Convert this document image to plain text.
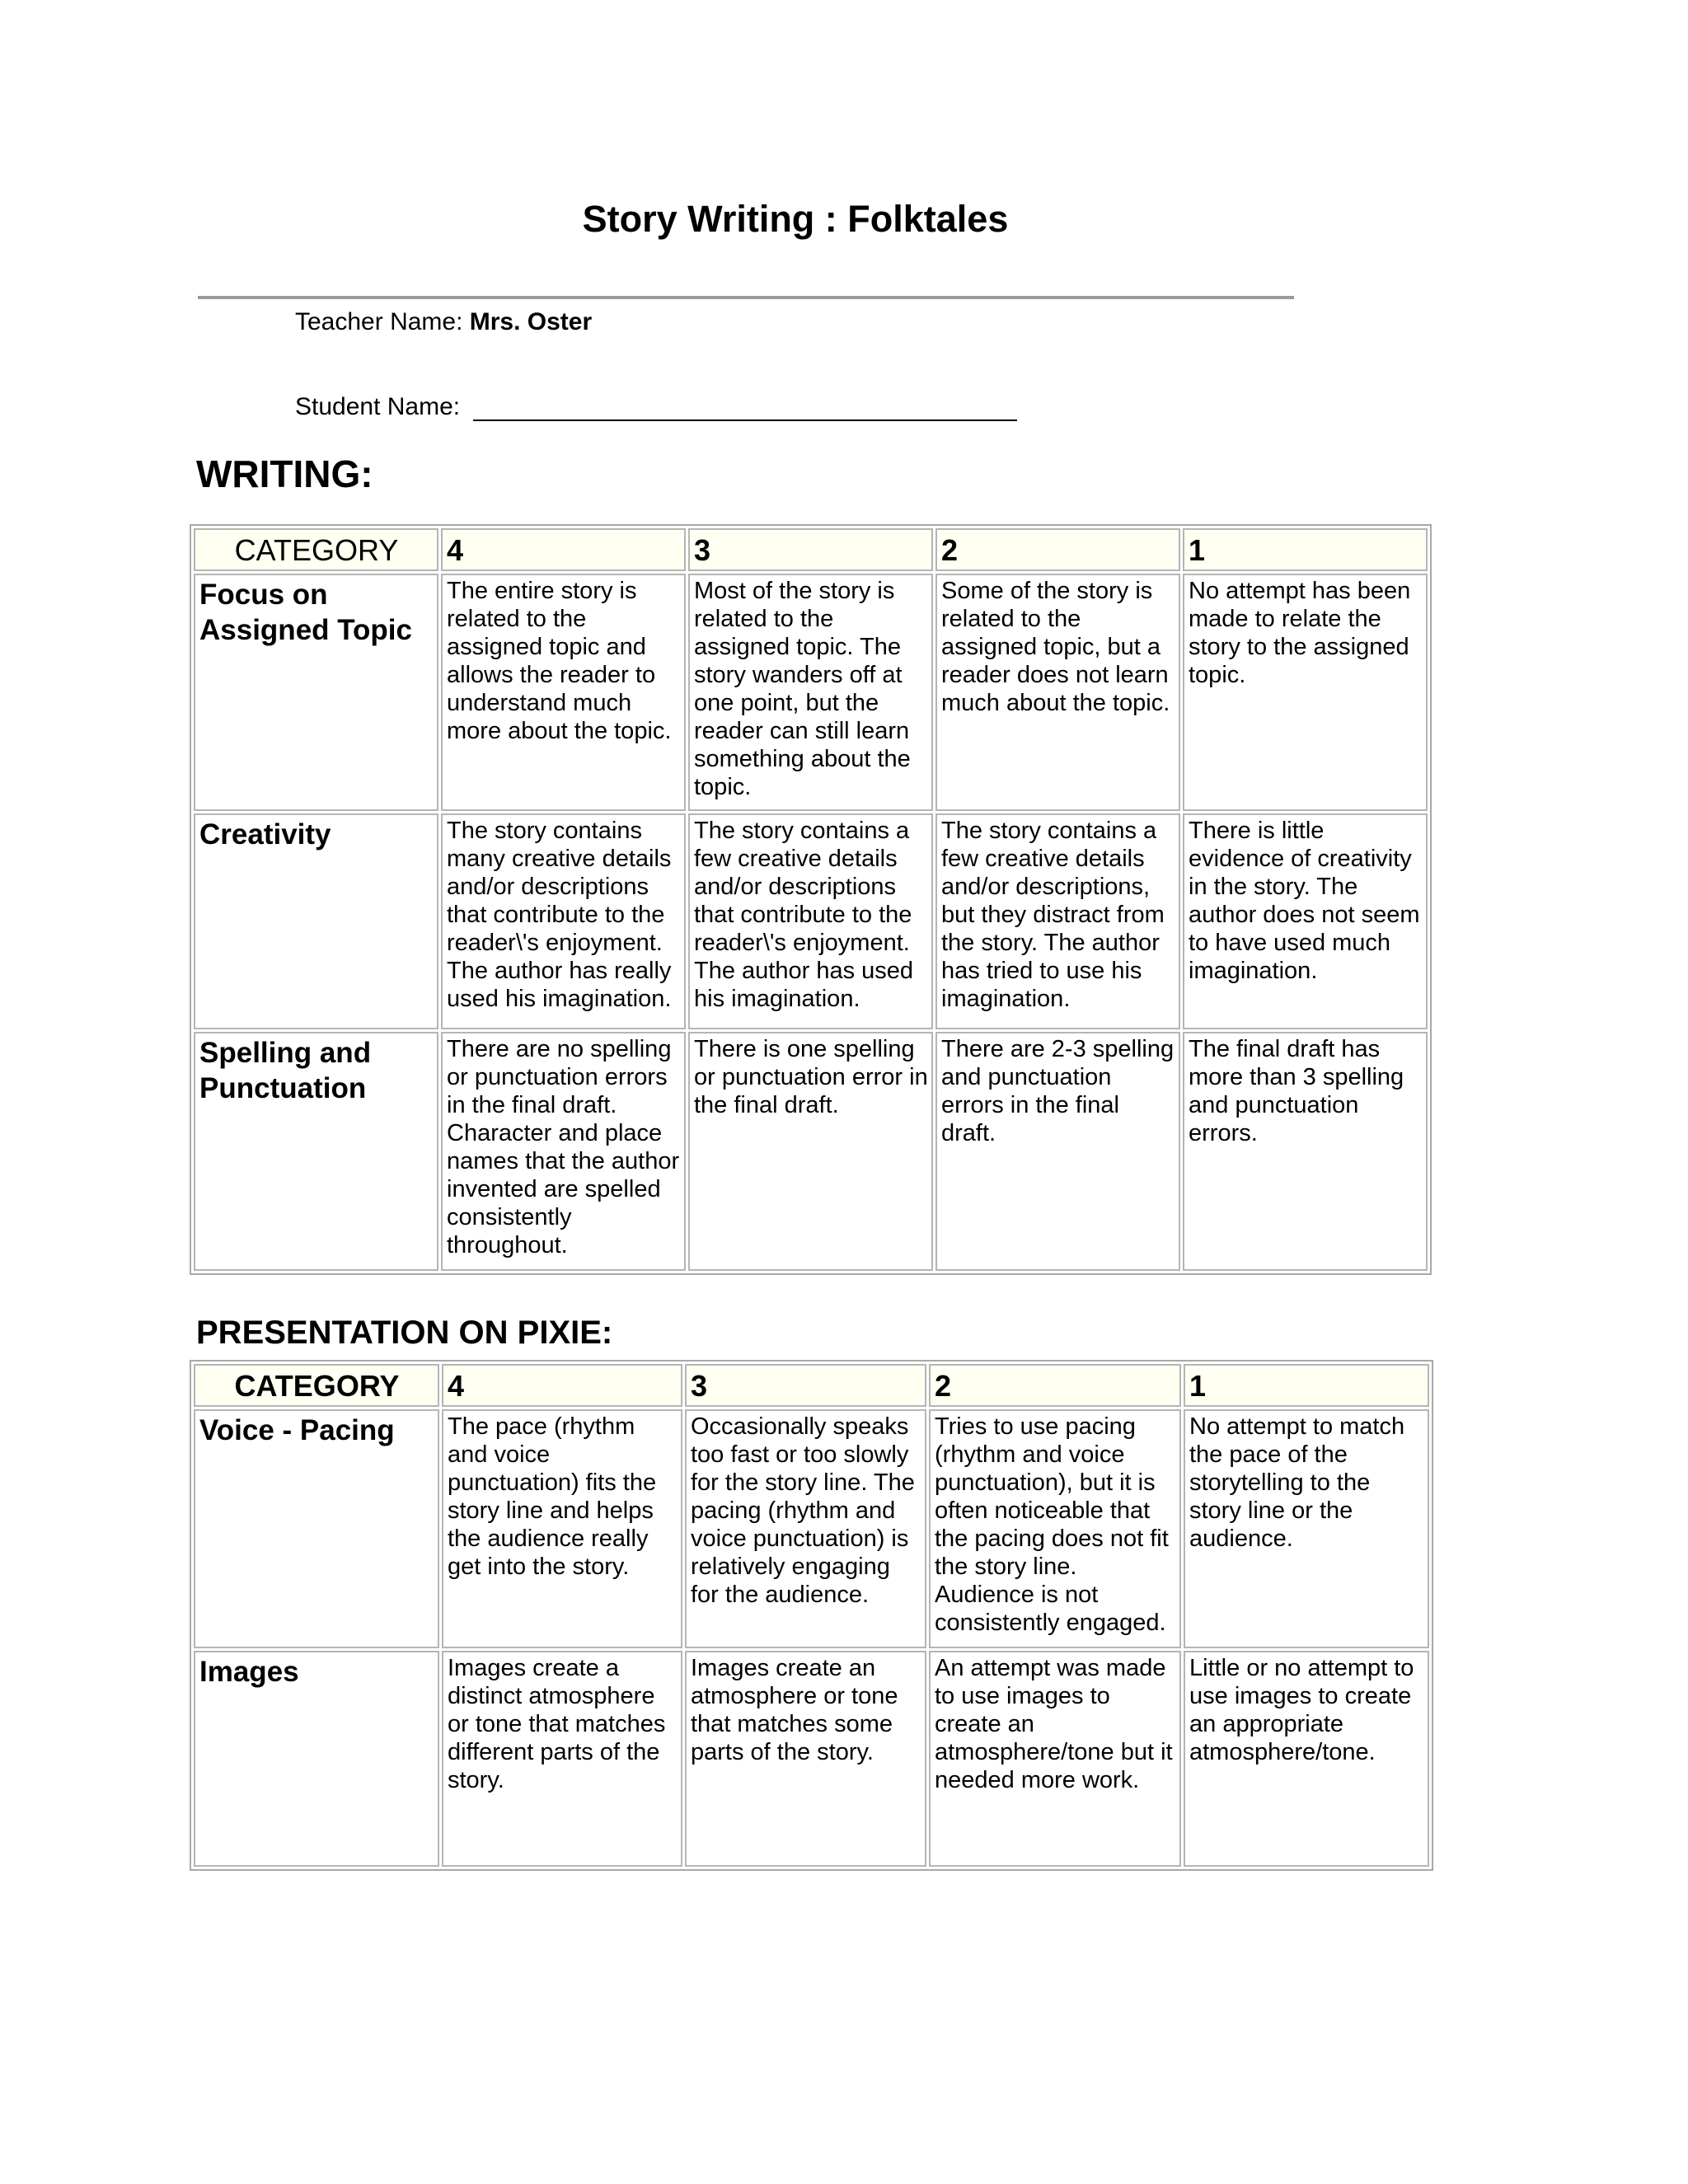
Story Writing : Folktales
Teacher Name: Mrs. Oster
Student Name:
WRITING:
CATEGORY	4	3	2	1
Focus on Assigned Topic	The entire story is related to the assigned topic and allows the reader to understand much more about the topic.	Most of the story is related to the assigned topic. The story wanders off at one point, but the reader can still learn something about the topic.	Some of the story is related to the assigned topic, but a reader does not learn much about the topic.	No attempt has been made to relate the story to the assigned topic.
Creativity	The story contains many creative details and/or descriptions that contribute to the reader\'s enjoyment. The author has really used his imagination.	The story contains a few creative details and/or descriptions that contribute to the reader\'s enjoyment. The author has used his imagination.	The story contains a few creative details and/or descriptions, but they distract from the story. The author has tried to use his imagination.	There is little evidence of creativity in the story. The author does not seem to have used much imagination.
Spelling and Punctuation	There are no spelling or punctuation errors in the final draft. Character and place names that the author invented are spelled consistently throughout.	There is one spelling or punctuation error in the final draft.	There are 2-3 spelling and punctuation errors in the final draft.	The final draft has more than 3 spelling and punctuation errors.
PRESENTATION ON PIXIE:
CATEGORY	4	3	2	1
Voice - Pacing	The pace (rhythm and voice punctuation) fits the story line and helps the audience really get into the story.	Occasionally speaks too fast or too slowly for the story line. The pacing (rhythm and voice punctuation) is relatively engaging for the audience.	Tries to use pacing (rhythm and voice punctuation), but it is often noticeable that the pacing does not fit the story line. Audience is not consistently engaged.	No attempt to match the pace of the storytelling to the story line or the audience.
Images	Images create a distinct atmosphere or tone that matches different parts of the story.	Images create an atmosphere or tone that matches some parts of the story.	An attempt was made to use images to create an atmosphere/tone but it needed more work.	Little or no attempt to use images to create an appropriate atmosphere/tone.
